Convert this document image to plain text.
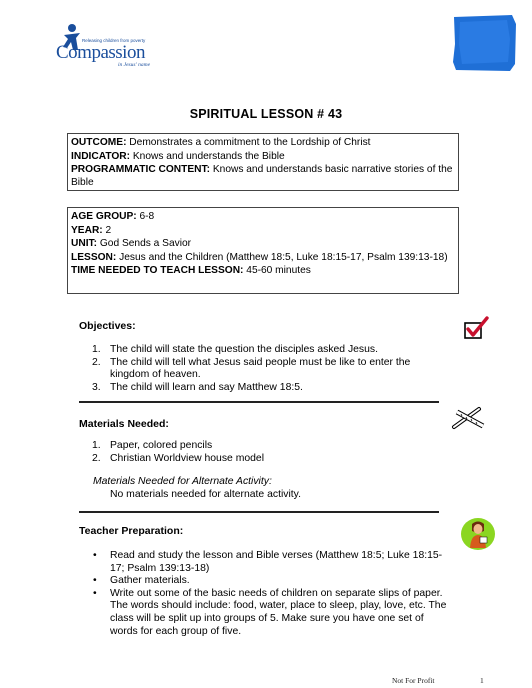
Releasing children from poverty
Compassion
in Jesus' name
SPIRITUAL LESSON # 43
OUTCOME: Demonstrates a commitment to the Lordship of Christ
INDICATOR: Knows and understands the Bible
PROGRAMMATIC CONTENT: Knows and understands basic narrative stories of the Bible
AGE GROUP: 6-8
YEAR: 2
UNIT: God Sends a Savior
LESSON: Jesus and the Children (Matthew 18:5, Luke 18:15-17, Psalm 139:13-18)
TIME NEEDED TO TEACH LESSON: 45-60 minutes
Objectives:
1. The child will state the question the disciples asked Jesus.
2. The child will tell what Jesus said people must be like to enter the kingdom of heaven.
3. The child will learn and say Matthew 18:5.
Materials Needed:
1. Paper, colored pencils
2. Christian Worldview house model
Materials Needed for Alternate Activity:
No materials needed for alternate activity.
Teacher Preparation:
• Read and study the lesson and Bible verses (Matthew 18:5; Luke 18:15-17; Psalm 139:13-18)
• Gather materials.
• Write out some of the basic needs of children on separate slips of paper. The words should include: food, water, place to sleep, play, love, etc. The class will be split up into groups of 5. Make sure you have one set of words for each group of five.
Not For Profit	1
